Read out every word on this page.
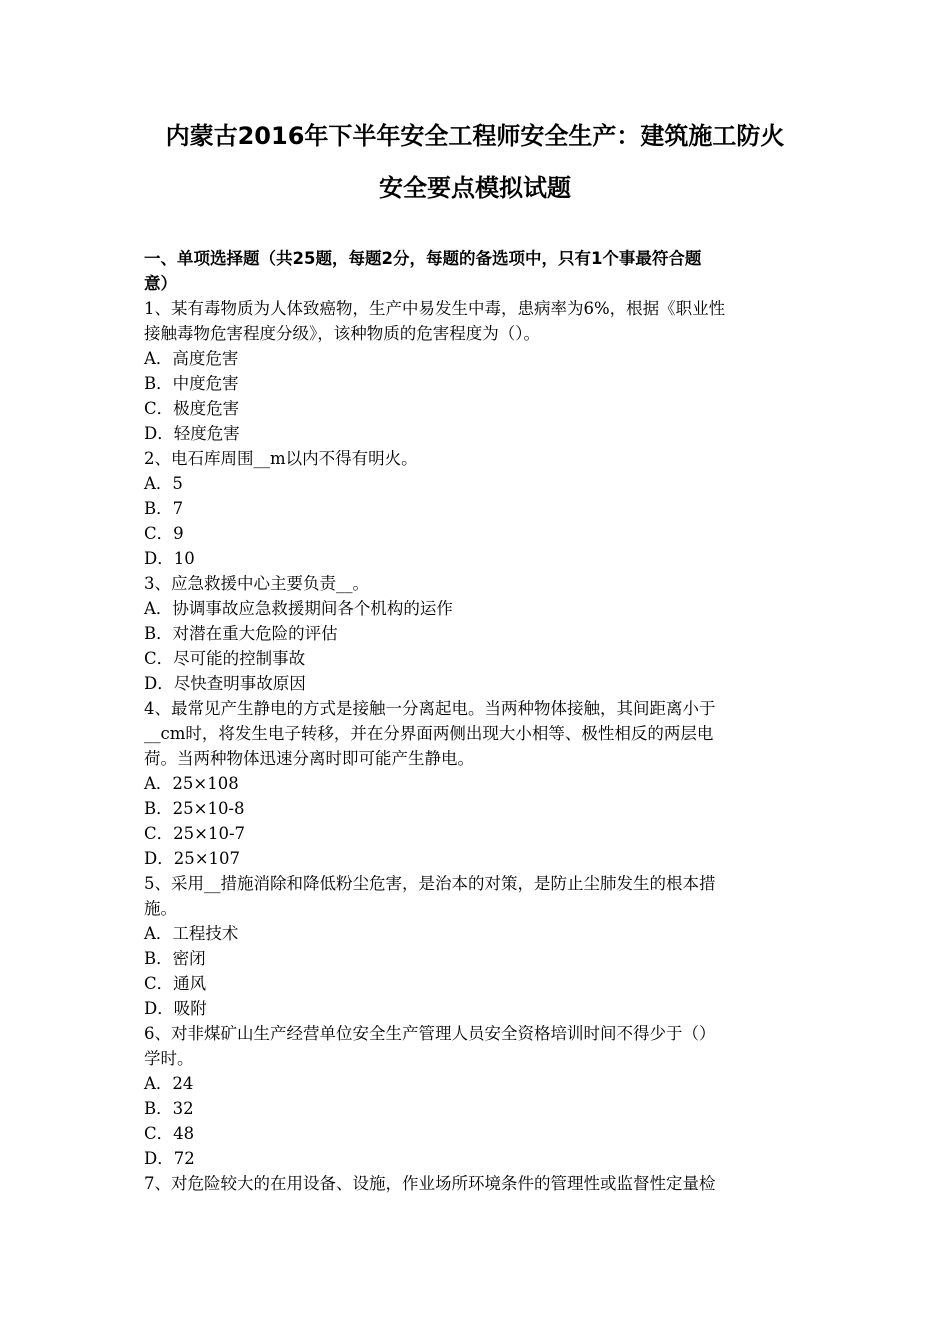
内蒙古2016年下半年安全工程师安全生产：建筑施工防火
安全要点模拟试题

一、单项选择题（共25题，每题2分，每题的备选项中，只有1个事最符合题

意）

1、某有毒物质为人体致癌物，生产中易发生中毒，患病率为6%，根据《职业性

接触毒物危害程度分级》，该种物质的危害程度为（）。

A．高度危害

B．中度危害

C．极度危害

D．轻度危害

2、电石库周围__m以内不得有明火。

A．5

B．7

C．9

D．10

3、应急救援中心主要负责__。

A．协调事故应急救援期间各个机构的运作

B．对潜在重大危险的评估

C．尽可能的控制事故

D．尽快查明事故原因

4、最常见产生静电的方式是接触一分离起电。当两种物体接触，其间距离小于

__cm时，将发生电子转移，并在分界面两侧出现大小相等、极性相反的两层电

荷。当两种物体迅速分离时即可能产生静电。

A．25×108

B．25×10-8

C．25×10-7

D．25×107

5、采用__措施消除和降低粉尘危害，是治本的对策，是防止尘肺发生的根本措

施。

A．工程技术

B．密闭

C．通风

D．吸附

6、对非煤矿山生产经营单位安全生产管理人员安全资格培训时间不得少于（）

学时。

A．24

B．32

C．48

D．72

7、对危险较大的在用设备、设施，作业场所环境条件的管理性或监督性定量检
